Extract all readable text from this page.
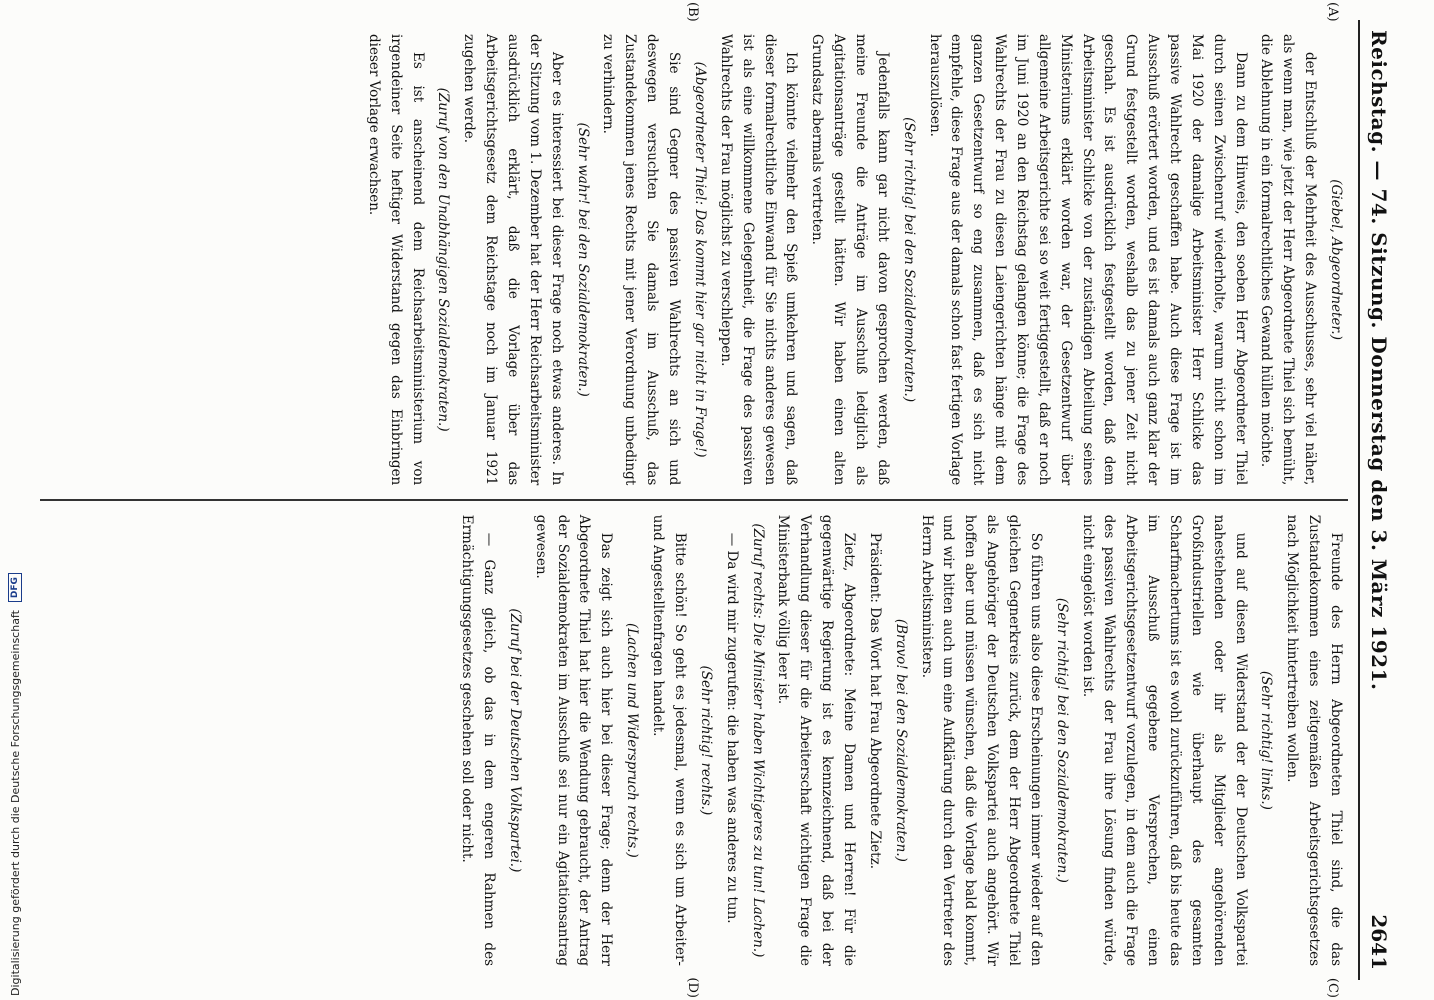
Reichstag. — 74. Sitzung. Donnerstag den 3. März 1921.
2641

(Giebel, Abgeordneter.)

der Entschluß der Mehrheit des Ausschusses, sehr viel näher, als wenn man, wie jetzt der Herr Abgeordnete Thiel sich bemüht, die Ablehnung in ein formalrechtliches Gewand hüllen möchte.

Dann zu dem Hinweis, den soeben Herr Abgeordneter Thiel durch seinen Zwischenruf wiederholte, warum nicht schon im Mai 1920 der damalige Arbeitsminister Herr Schlicke das passive Wahlrecht geschaffen habe. Auch diese Frage ist im Ausschuß erörtert worden, und es ist damals auch ganz klar der Grund festgestellt worden, weshalb das zu jener Zeit nicht geschah. Es ist ausdrücklich festgestellt worden, daß dem Arbeitsminister Schlicke von der zuständigen Abteilung seines Ministeriums erklärt worden war, der Gesetzentwurf über allgemeine Arbeitsgerichte sei so weit fertiggestellt, daß er noch im Juni 1920 an den Reichstag gelangen könne; die Frage des Wahlrechts der Frau zu diesen Laiengerichten hänge mit dem ganzen Gesetzentwurf so eng zusammen, daß es sich nicht empfehle, diese Frage aus der damals schon fast fertigen Vorlage herauszulösen.

(Sehr richtig! bei den Sozialdemokraten.)

Jedenfalls kann gar nicht davon gesprochen werden, daß meine Freunde die Anträge im Ausschuß lediglich als Agitationsanträge gestellt hätten. Wir haben einen alten Grundsatz abermals vertreten.

Ich könnte vielmehr den Spieß umkehren und sagen, daß dieser formalrechtliche Einwand für Sie nichts anderes gewesen ist als eine willkommene Gelegenheit, die Frage des passiven Wahlrechts der Frau möglichst zu verschleppen.

(Abgeordneter Thiel: Das kommt hier gar nicht in Frage!)

Sie sind Gegner des passiven Wahlrechts an sich und deswegen versuchten Sie damals im Ausschuß, das Zustandekommen jenes Rechts mit jener Verordnung unbedingt zu verhindern.

(Sehr wahr! bei den Sozialdemokraten.)

Aber es interessiert bei dieser Frage noch etwas anderes. In der Sitzung vom 1. Dezember hat der Herr Reichsarbeitsminister ausdrücklich erklärt, daß die Vorlage über das Arbeitsgerichtsgesetz dem Reichstage noch im Januar 1921 zugehen werde.

(Zuruf von den Unabhängigen Sozialdemokraten.)

Es ist anscheinend dem Reichsarbeitsministerium von irgendeiner Seite heftiger Widerstand gegen das Einbringen dieser Vorlage erwachsen.

Freunde des Herrn Abgeordneten Thiel sind, die das Zustandekommen eines zeitgemäßen Arbeitsgerichtsgesetzes nach Möglichkeit hintertreiben wollen.

(Sehr richtig! links.)

und auf diesen Widerstand der der Deutschen Volkspartei nahestehenden oder ihr als Mitglieder angehörenden Großindustriellen wie überhaupt des gesamten Scharfmachertums ist es wohl zurückzuführen, daß bis heute das im Ausschuß gegebene Versprechen, einen Arbeitsgerichtsgesetzentwurf vorzulegen, in dem auch die Frage des passiven Wahlrechts der Frau ihre Lösung finden würde, nicht eingelöst worden ist.

(Sehr richtig! bei den Sozialdemokraten.)

So führen uns also diese Erscheinungen immer wieder auf den gleichen Gegnerkreis zurück, dem der Herr Abgeordnete Thiel als Angehöriger der Deutschen Volkspartei auch angehört. Wir hoffen aber und müssen wünschen, daß die Vorlage bald kommt, und wir bitten auch um eine Aufklärung durch den Vertreter des Herrn Arbeitsministers.

(Bravo! bei den Sozialdemokraten.)

Präsident: Das Wort hat Frau Abgeordnete Zietz.

Zietz, Abgeordnete: Meine Damen und Herren! Für die gegenwärtige Regierung ist es kennzeichnend, daß bei der Verhandlung dieser für die Arbeiterschaft wichtigen Frage die Ministerbank völlig leer ist.

(Zuruf rechts: Die Minister haben Wichtigeres zu tun! Lachen.)

— Da wird mir zugerufen: die haben was anderes zu tun.

(Sehr richtig! rechts.)

Bitte schön! So geht es jedesmal, wenn es sich um Arbeiter- und Angestelltenfragen handelt.

(Lachen und Widerspruch rechts.)

Das zeigt sich auch hier bei dieser Frage; denn der Herr Abgeordnete Thiel hat hier die Wendung gebraucht, der Antrag der Sozialdemokraten im Ausschuß sei nur ein Agitationsantrag gewesen.

(Zuruf bei der Deutschen Volkspartei.)

— Ganz gleich, ob das in dem engeren Rahmen des Ermächtigungsgesetzes geschehen soll oder nicht.

(A)
(B)
(C)
(D)
Digitalisierung gefördert durch die Deutsche Forschungsgemeinschaft
DFG
